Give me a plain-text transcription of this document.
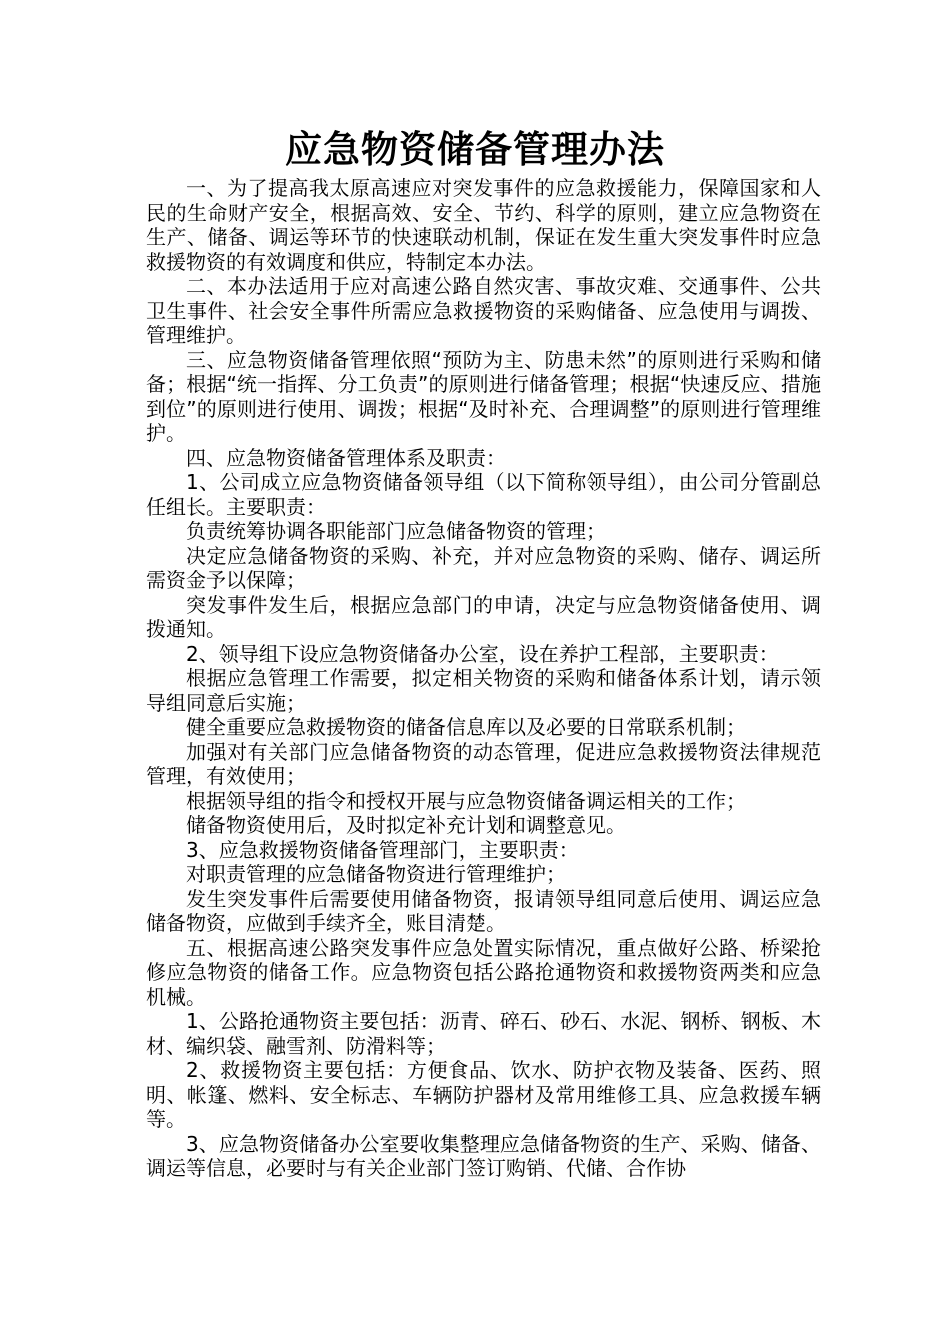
应急物资储备管理办法

一、为了提高我太原高速应对突发事件的应急救援能力，保障国家和人民的生命财产安全，根据高效、安全、节约、科学的原则，建立应急物资在生产、储备、调运等环节的快速联动机制，保证在发生重大突发事件时应急救援物资的有效调度和供应，特制定本办法。

二、本办法适用于应对高速公路自然灾害、事故灾难、交通事件、公共卫生事件、社会安全事件所需应急救援物资的采购储备、应急使用与调拨、管理维护。

三、应急物资储备管理依照“预防为主、防患未然”的原则进行采购和储备；根据“统一指挥、分工负责”的原则进行储备管理；根据“快速反应、措施到位”的原则进行使用、调拨；根据“及时补充、合理调整”的原则进行管理维护。

四、应急物资储备管理体系及职责：

1、公司成立应急物资储备领导组（以下简称领导组），由公司分管副总任组长。主要职责：

负责统筹协调各职能部门应急储备物资的管理；

决定应急储备物资的采购、补充，并对应急物资的采购、储存、调运所需资金予以保障；

突发事件发生后，根据应急部门的申请，决定与应急物资储备使用、调拨通知。

2、领导组下设应急物资储备办公室，设在养护工程部，主要职责：

根据应急管理工作需要，拟定相关物资的采购和储备体系计划，请示领导组同意后实施；

健全重要应急救援物资的储备信息库以及必要的日常联系机制；

加强对有关部门应急储备物资的动态管理，促进应急救援物资法律规范管理，有效使用；

根据领导组的指令和授权开展与应急物资储备调运相关的工作；

储备物资使用后，及时拟定补充计划和调整意见。

3、应急救援物资储备管理部门，主要职责：

对职责管理的应急储备物资进行管理维护；

发生突发事件后需要使用储备物资，报请领导组同意后使用、调运应急储备物资，应做到手续齐全，账目清楚。

五、根据高速公路突发事件应急处置实际情况，重点做好公路、桥梁抢修应急物资的储备工作。应急物资包括公路抢通物资和救援物资两类和应急机械。

1、公路抢通物资主要包括：沥青、碎石、砂石、水泥、钢桥、钢板、木材、编织袋、融雪剂、防滑料等；

2、救援物资主要包括：方便食品、饮水、防护衣物及装备、医药、照明、帐篷、燃料、安全标志、车辆防护器材及常用维修工具、应急救援车辆等。

3、应急物资储备办公室要收集整理应急储备物资的生产、采购、储备、调运等信息，必要时与有关企业部门签订购销、代储、合作协
